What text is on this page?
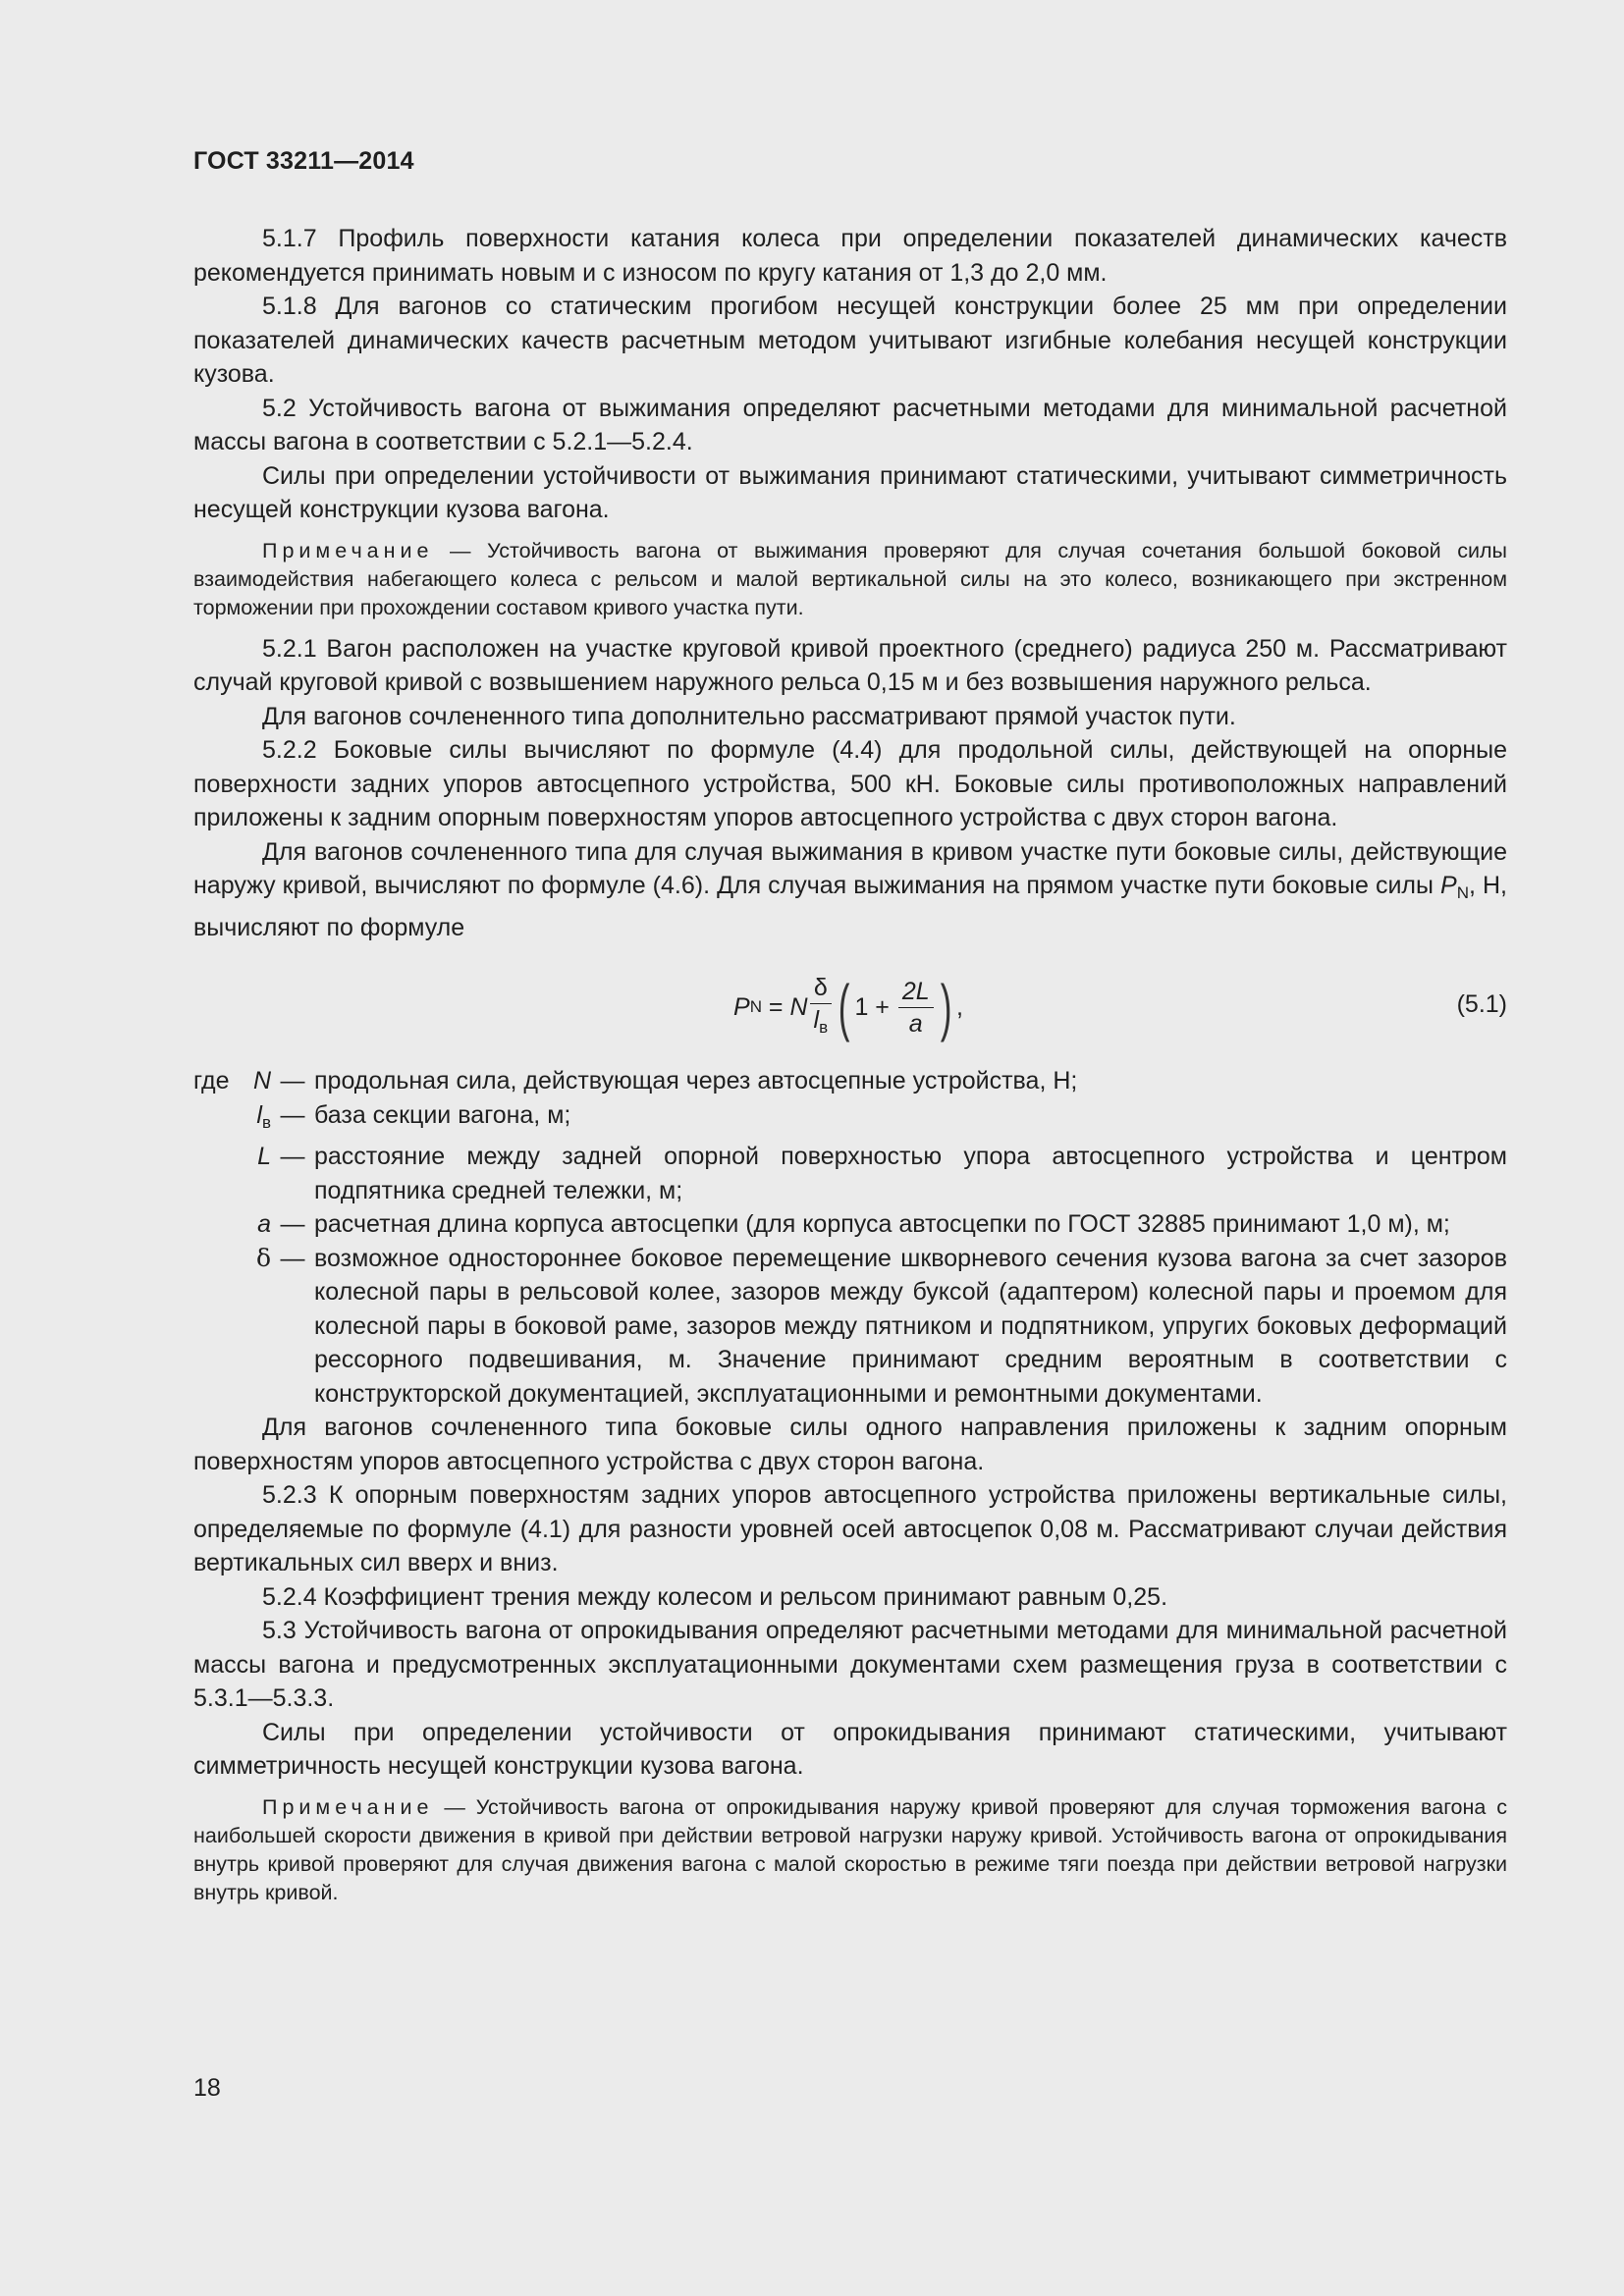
ГОСТ 33211—2014

5.1.7 Профиль поверхности катания колеса при определении показателей динамических качеств рекомендуется принимать новым и с износом по кругу катания от 1,3 до 2,0 мм.

5.1.8 Для вагонов со статическим прогибом несущей конструкции более 25 мм при определении показателей динамических качеств расчетным методом учитывают изгибные колебания несущей конструкции кузова.

5.2 Устойчивость вагона от выжимания определяют расчетными методами для минимальной расчетной массы вагона в соответствии с 5.2.1—5.2.4.

Силы при определении устойчивости от выжимания принимают статическими, учитывают симметричность несущей конструкции кузова вагона.

Примечание — Устойчивость вагона от выжимания проверяют для случая сочетания большой боковой силы взаимодействия набегающего колеса с рельсом и малой вертикальной силы на это колесо, возникающего при экстренном торможении при прохождении составом кривого участка пути.

5.2.1 Вагон расположен на участке круговой кривой проектного (среднего) радиуса 250 м. Рассматривают случай круговой кривой с возвышением наружного рельса 0,15 м и без возвышения наружного рельса.

Для вагонов сочлененного типа дополнительно рассматривают прямой участок пути.

5.2.2 Боковые силы вычисляют по формуле (4.4) для продольной силы, действующей на опорные поверхности задних упоров автосцепного устройства, 500 кН. Боковые силы противоположных направлений приложены к задним опорным поверхностям упоров автосцепного устройства с двух сторон вагона.

Для вагонов сочлененного типа для случая выжимания в кривом участке пути боковые силы, действующие наружу кривой, вычисляют по формуле (4.6). Для случая выжимания на прямом участке пути боковые силы $P_N$, Н, вычисляют по формуле

P N = N $\frac{\delta}{l_в}$ ( $1 + \frac{2L}{a}$ ) ,	(5.1)
где N — продольная сила, действующая через автосцепные устройства, Н;
$l_в$ — база секции вагона, м;
L — расстояние между задней опорной поверхностью упора автосцепного устройства и центром подпятника средней тележки, м;
a — расчетная длина корпуса автосцепки (для корпуса автосцепки по ГОСТ 32885 принимают 1,0 м), м;
δ — возможное одностороннее боковое перемещение шкворневого сечения кузова вагона за счет зазоров колесной пары в рельсовой колее, зазоров между буксой (адаптером) колесной пары и проемом для колесной пары в боковой раме, зазоров между пятником и подпятником, упругих боковых деформаций рессорного подвешивания, м. Значение принимают средним вероятным в соответствии с конструкторской документацией, эксплуатационными и ремонтными документами.

Для вагонов сочлененного типа боковые силы одного направления приложены к задним опорным поверхностям упоров автосцепного устройства с двух сторон вагона.

5.2.3 К опорным поверхностям задних упоров автосцепного устройства приложены вертикальные силы, определяемые по формуле (4.1) для разности уровней осей автосцепок 0,08 м. Рассматривают случаи действия вертикальных сил вверх и вниз.

5.2.4 Коэффициент трения между колесом и рельсом принимают равным 0,25.

5.3 Устойчивость вагона от опрокидывания определяют расчетными методами для минимальной расчетной массы вагона и предусмотренных эксплуатационными документами схем размещения груза в соответствии с 5.3.1—5.3.3.

Силы при определении устойчивости от опрокидывания принимают статическими, учитывают симметричность несущей конструкции кузова вагона.

Примечание — Устойчивость вагона от опрокидывания наружу кривой проверяют для случая торможения вагона с наибольшей скорости движения в кривой при действии ветровой нагрузки наружу кривой. Устойчивость вагона от опрокидывания внутрь кривой проверяют для случая движения вагона с малой скоростью в режиме тяги поезда при действии ветровой нагрузки внутрь кривой.

18
